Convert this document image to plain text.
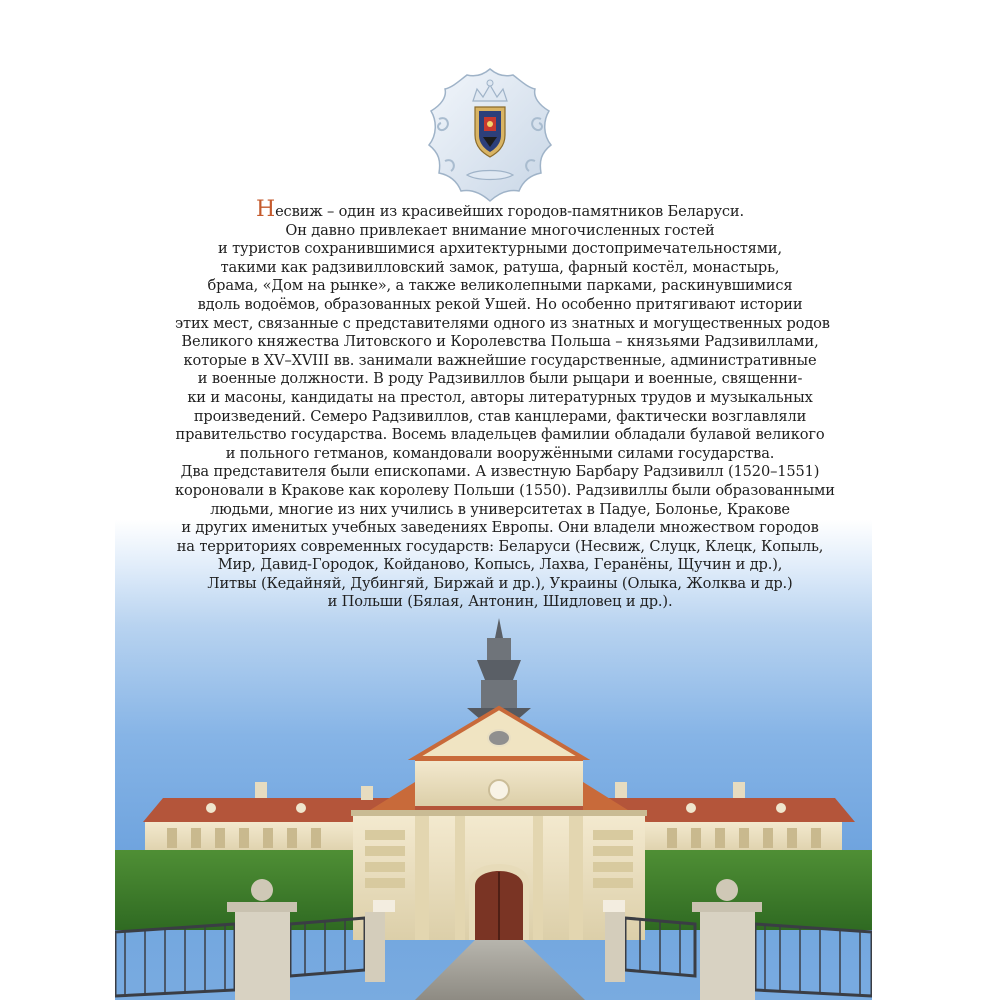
Несвиж – один из красивейших городов-памятников Беларуси.
Он давно привлекает внимание многочисленных гостей
и туристов сохранившимися архитектурными достопримечательностями,
такими как радзивилловский замок, ратуша, фарный костёл, монастырь,
брама, «Дом на рынке», а также великолепными парками, раскинувшимися
вдоль водоёмов, образованных рекой Ушей. Но особенно притягивают истории
этих мест, связанные с представителями одного из знатных и могущественных родов
Великого княжества Литовского и Королевства Польша – князьями Радзивиллами,
которые в XV–XVIII вв. занимали важнейшие государственные, административные
и военные должности. В роду Радзивиллов были рыцари и военные, священни-
ки и масоны, кандидаты на престол, авторы литературных трудов и музыкальных
произведений. Семеро Радзивиллов, став канцлерами, фактически возглавляли
правительство государства. Восемь владельцев фамилии обладали булавой великого
и польного гетманов, командовали вооружёнными силами государства.
Два представителя были епископами. А известную Барбару Радзивилл (1520–1551)
короновали в Кракове как королеву Польши (1550). Радзивиллы были образованными
людьми, многие из них учились в университетах в Падуе, Болонье, Кракове
и других именитых учебных заведениях Европы. Они владели множеством городов
на территориях современных государств: Беларуси (Несвиж, Слуцк, Клецк, Копыль,
Мир, Давид-Городок, Койданово, Копысь, Лахва, Геранёны, Щучин и др.),
Литвы (Кедайняй, Дубингяй, Биржай и др.), Украины (Олыка, Жолква и др.)
и Польши (Бялая, Антонин, Шидловец и др.).
